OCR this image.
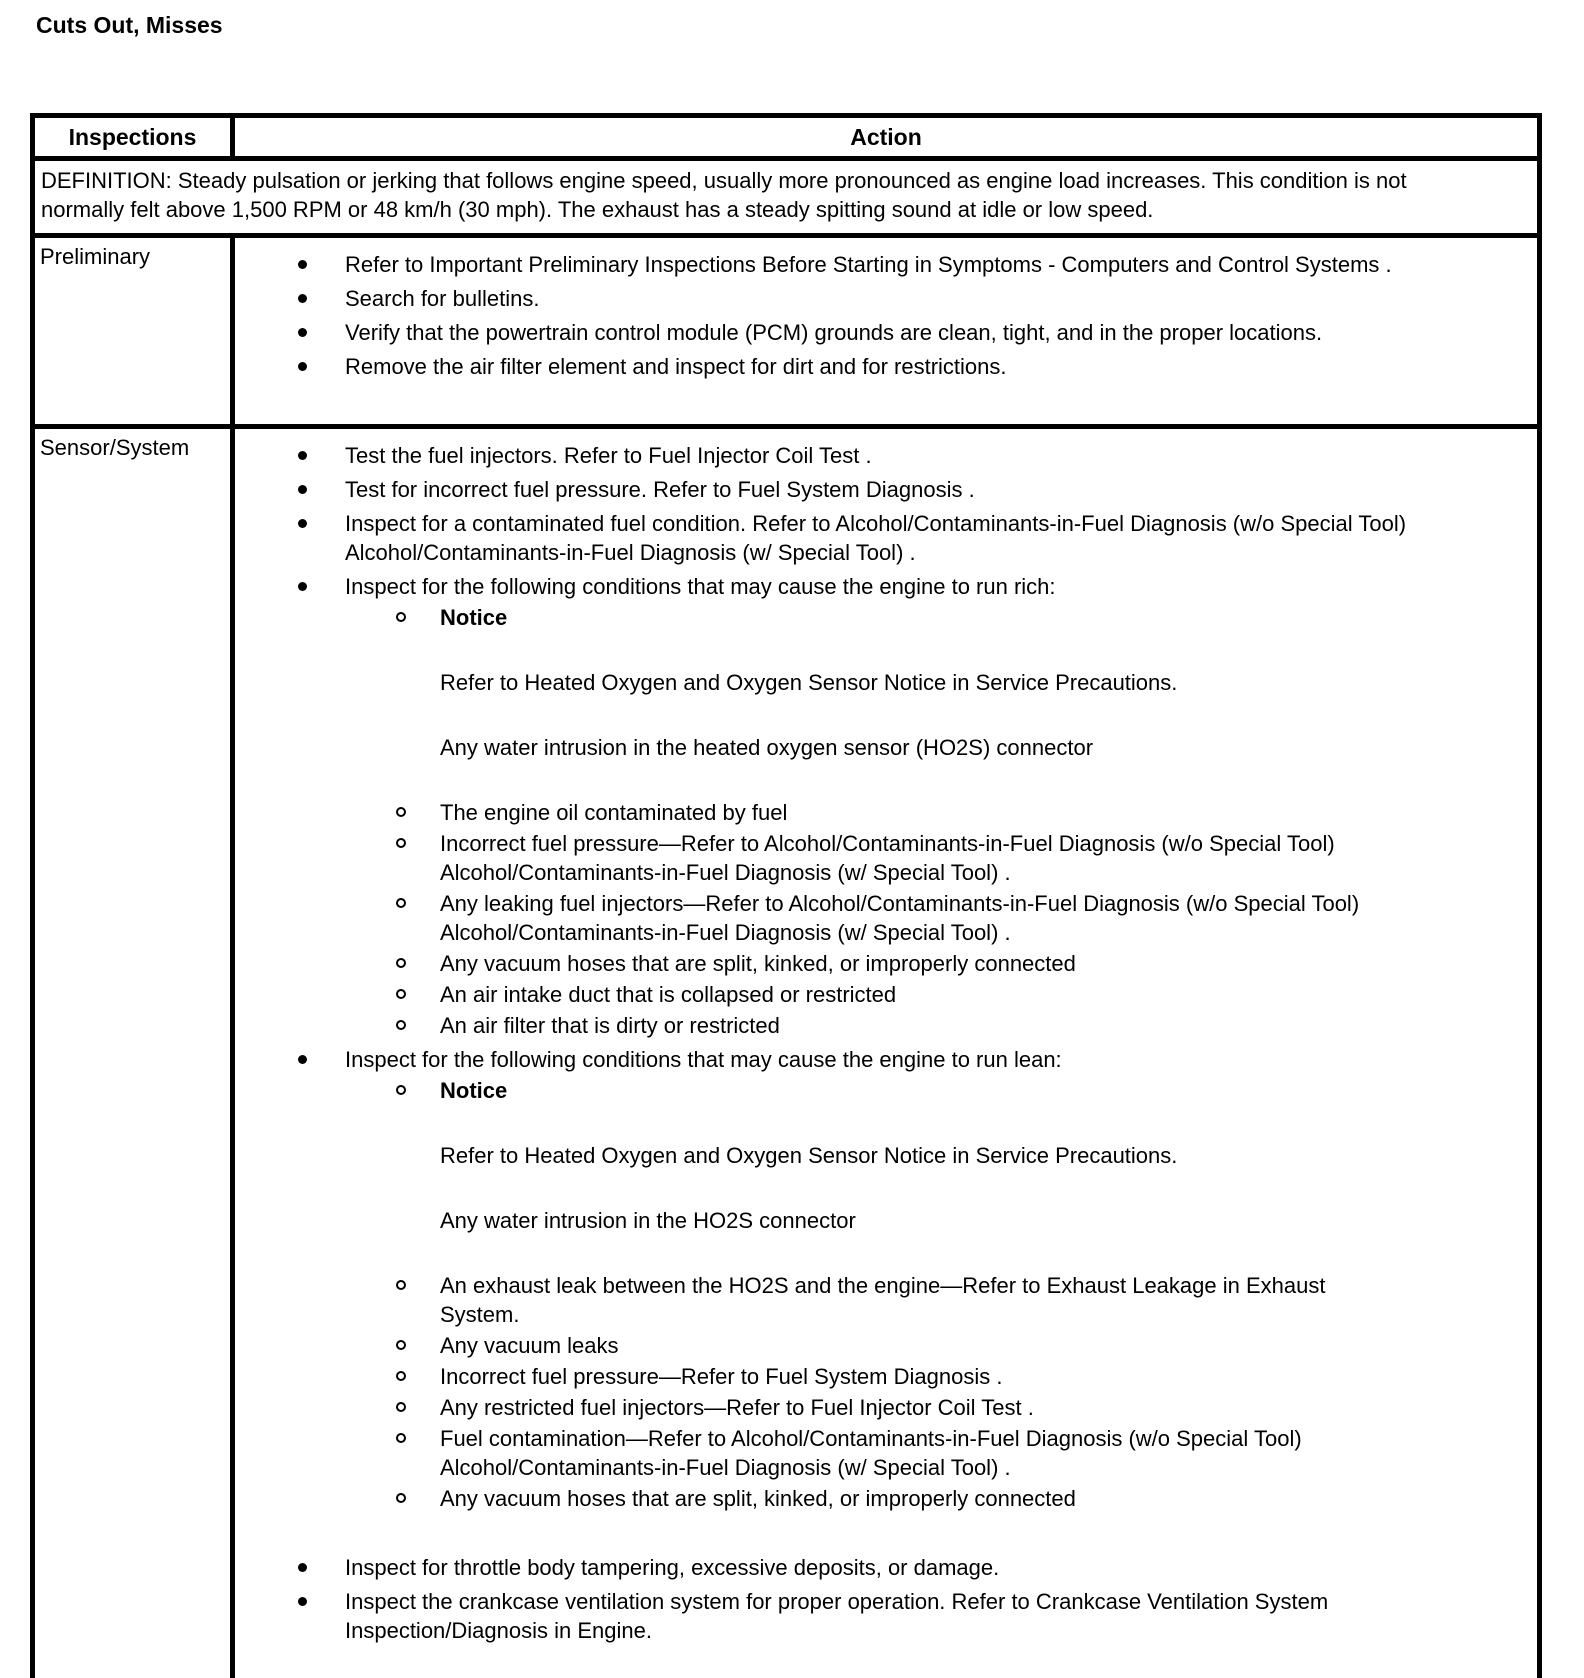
Cuts Out, Misses
Inspections	Action
DEFINITION: Steady pulsation or jerking that follows engine speed, usually more pronounced as engine load increases. This condition is not normally felt above 1,500 RPM or 48 km/h (30 mph). The exhaust has a steady spitting sound at idle or low speed.	
Preliminary	Refer to Important Preliminary Inspections Before Starting in Symptoms - Computers and Control Systems .
Search for bulletins.
Verify that the powertrain control module (PCM) grounds are clean, tight, and in the proper locations.
Remove the air filter element and inspect for dirt and for restrictions.

Sensor/System	Test the fuel injectors. Refer to Fuel Injector Coil Test .
Test for incorrect fuel pressure. Refer to Fuel System Diagnosis .
Inspect for a contaminated fuel condition. Refer to Alcohol/Contaminants-in-Fuel Diagnosis (w/o Special Tool) Alcohol/Contaminants-in-Fuel Diagnosis (w/ Special Tool) .
Inspect for the following conditions that may cause the engine to run rich:
Notice

Refer to Heated Oxygen and Oxygen Sensor Notice in Service Precautions.

Any water intrusion in the heated oxygen sensor (HO2S) connector

The engine oil contaminated by fuel
Incorrect fuel pressure—Refer to Alcohol/Contaminants-in-Fuel Diagnosis (w/o Special Tool) Alcohol/Contaminants-in-Fuel Diagnosis (w/ Special Tool) .
Any leaking fuel injectors—Refer to Alcohol/Contaminants-in-Fuel Diagnosis (w/o Special Tool) Alcohol/Contaminants-in-Fuel Diagnosis (w/ Special Tool) .
Any vacuum hoses that are split, kinked, or improperly connected
An air intake duct that is collapsed or restricted
An air filter that is dirty or restricted
Inspect for the following conditions that may cause the engine to run lean:
Notice

Refer to Heated Oxygen and Oxygen Sensor Notice in Service Precautions.

Any water intrusion in the HO2S connector

An exhaust leak between the HO2S and the engine—Refer to Exhaust Leakage in Exhaust System.
Any vacuum leaks
Incorrect fuel pressure—Refer to Fuel System Diagnosis .
Any restricted fuel injectors—Refer to Fuel Injector Coil Test .
Fuel contamination—Refer to Alcohol/Contaminants-in-Fuel Diagnosis (w/o Special Tool) Alcohol/Contaminants-in-Fuel Diagnosis (w/ Special Tool) .
Any vacuum hoses that are split, kinked, or improperly connected
Inspect for throttle body tampering, excessive deposits, or damage.
Inspect the crankcase ventilation system for proper operation. Refer to Crankcase Ventilation System Inspection/Diagnosis in Engine.
